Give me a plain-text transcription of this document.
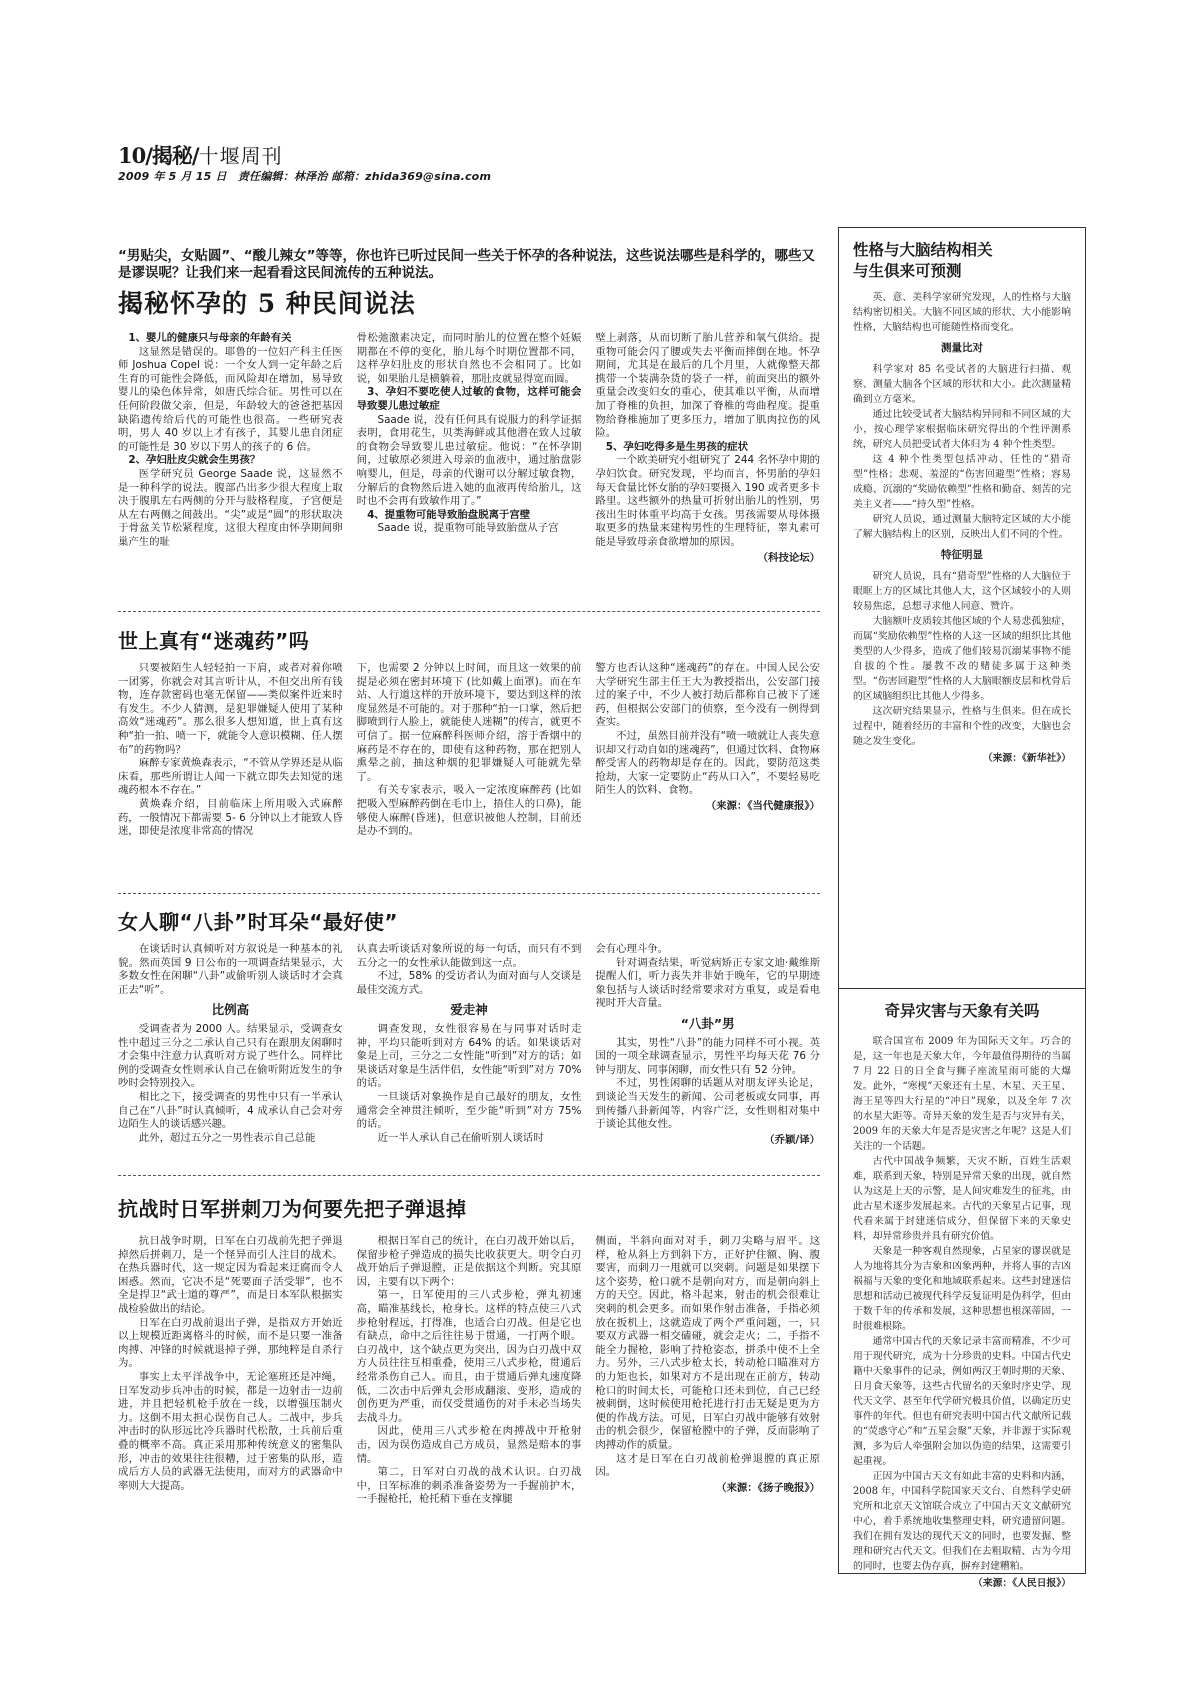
10/揭秘/十堰周刊
2009 年 5 月 15 日　责任编辑：林泽治 邮箱：zhida369@sina.com
“男贴尖，女贴圆”、“酸儿辣女”等等，你也许已听过民间一些关于怀孕的各种说法，这些说法哪些是科学的，哪些又是谬误呢？让我们来一起看看这民间流传的五种说法。
揭秘怀孕的 5 种民间说法

1、婴儿的健康只与母亲的年龄有关

这显然是错误的。耶鲁的一位妇产科主任医师 Joshua Copel 说：一个女人到一定年龄之后生育的可能性会降低，而风险却在增加，易导致婴儿的染色体异常，如唐氏综合征。男性可以在任何阶段做父亲，但是，年龄较大的爸爸把基因缺陷遗传给后代的可能性也很高。一些研究表明，男人 40 岁以上才有孩子，其婴儿患自闭症的可能性是 30 岁以下男人的孩子的 6 倍。

2、孕妇肚皮尖就会生男孩？

医学研究员 George Saade 说，这显然不是一种科学的说法。腹部凸出多少很大程度上取决于腹肌左右两侧的分开与肢格程度，子宫便是从左右两侧之间鼓出。“尖”或是“圆”的形状取决于骨盆关节松紧程度，这很大程度由怀孕期间卵巢产生的耻

骨松弛激素决定，而同时胎儿的位置在整个妊娠期都在不停的变化，胎儿每个时期位置都不同，这样孕妇肚皮的形状自然也不会相同了。比如说，如果胎儿是横躺着，那肚皮就显得宽而圆。

3、孕妇不要吃使人过敏的食物，这样可能会导致婴儿患过敏症

Saade 说，没有任何具有说服力的科学证据表明，食用花生，贝类海鲜或其他潜在致人过敏的食物会导致婴儿患过敏症。他说：“在怀孕期间，过敏原必须进入母亲的血液中，通过胎盘影响婴儿，但是，母亲的代谢可以分解过敏食物，分解后的食物然后进入她的血液再传给胎儿，这时也不会再有致敏作用了。”

4、提重物可能导致胎盘脱离于宫壁

Saade 说，提重物可能导致胎盘从子宫

壁上剥落，从而切断了胎儿营养和氧气供给。提重物可能会闪了腰或失去平衡而摔倒在地。怀孕期间，尤其是在最后的几个月里，人就像整天都携带一个装满杂货的袋子一样，前面突出的额外重量会改变妇女的重心，使其难以平衡，从而增加了脊椎的负担，加深了脊椎的弯曲程度。提重物给脊椎施加了更多压力，增加了肌肉拉伤的风险。

5、孕妇吃得多是生男孩的症状

一个欧美研究小组研究了 244 名怀孕中期的孕妇饮食。研究发现，平均而言，怀男胎的孕妇每天食量比怀女胎的孕妇要摄入 190 或者更多卡路里。这些额外的热量可折射出胎儿的性别，男孩出生时体重平均高于女孩。男孩需要从母体摄取更多的热量来建构男性的生理特征，睾丸素可能是导致母亲食欲增加的原因。

（科技论坛）
世上真有“迷魂药”吗

只要被陌生人轻轻拍一下肩，或者对着你喷一团雾，你就会对其言听计从，不但交出所有钱物，连存款密码也毫无保留——类似案件近来时有发生。不少人猜测，是犯罪嫌疑人使用了某种高效“迷魂药”。那么很多人想知道，世上真有这种“拍一拍、喷一下，就能令人意识模糊、任人摆布”的药物吗？

麻醉专家黄焕森表示，“不管从学界还是从临床看，那些所谓让人闻一下就立即失去知觉的迷魂药根本不存在。”

黄焕森介绍，目前临床上所用吸入式麻醉药，一般情况下都需要 5- 6 分钟以上才能致人昏迷，即使是浓度非常高的情况

下，也需要 2 分钟以上时间，而且这一效果的前提是必须在密封环境下 (比如戴上面罩)。而在车站、人行道这样的开放环境下，要达到这样的浓度显然是不可能的。对于那种“拍一口掌，然后把脚喷到行人脸上，就能使人迷糊”的传言，就更不可信了。据一位麻醉科医师介绍，溶于香烟中的麻药是不存在的，即使有这种药物，那在把别人熏晕之前，抽这种烟的犯罪嫌疑人可能就先晕了。

有关专家表示，吸入一定浓度麻醉药 (比如把吸入型麻醉药倒在毛巾上，捂住人的口鼻)，能够使人麻醉(昏迷)，但意识被他人控制，目前还是办不到的。

警方也否认这种“迷魂药”的存在。中国人民公安大学研究生部主任王大为教授指出，公安部门接过的案子中，不少人被打劫后都称自己被下了迷药，但根据公安部门的侦察，至今没有一例得到查实。

不过，虽然目前并没有“喷一喷就让人丧失意识却又行动自如的迷魂药”，但通过饮料、食物麻醉受害人的药物却是存在的。因此，要防范这类抢劫，大家一定要防止“药从口入”，不要轻易吃陌生人的饮料、食物。

（来源：《当代健康报》）
女人聊“八卦”时耳朵“最好使”

在谈话时认真倾听对方叙说是一种基本的礼貌。然而英国 9 日公布的一项调查结果显示，大多数女性在闲聊“八卦”或偷听别人谈话时才会真正去“听”。

比例高

受调查者为 2000 人。结果显示，受调查女性中超过三分之二承认自己只有在跟朋友闲聊时才会集中注意力认真听对方说了些什么。同样比例的受调查女性则承认自己在偷听附近发生的争吵时会特别投入。

相比之下，接受调查的男性中只有一半承认自己在“八卦”时认真倾听，4 成承认自己会对旁边陌生人的谈话感兴趣。

此外，超过五分之一男性表示自己总能

认真去听谈话对象所说的每一句话，而只有不到五分之一的女性承认能做到这一点。

不过，58% 的受访者认为面对面与人交谈是最佳交流方式。

爱走神

调查发现，女性很容易在与同事对话时走神，平均只能听到对方 64% 的话。如果谈话对象是上司，三分之二女性能“听到”对方的话；如果谈话对象是生活伴侣，女性能“听到”对方 70% 的话。

一旦谈话对象换作是自己最好的朋友，女性通常会全神贯注倾听，至少能“听到”对方 75% 的话。

近一半人承认自己在偷听别人谈话时

会有心理斗争。

针对调查结果，听觉病矫正专家文迪·戴维斯提醒人们，听力丧失并非始于晚年，它的早期迹象包括与人谈话时经常要求对方重复，或是看电视时开大音量。

“八卦”男

其实，男性“八卦”的能力同样不可小视。英国的一项全球调查显示，男性平均每天花 76 分钟与朋友、同事闲聊，而女性只有 52 分钟。

不过，男性闲聊的话题从对朋友评头论足，到谈论当天发生的新闻、公司老板或女同事，再到传播八卦新闻等，内容广泛，女性则相对集中于谈论其他女性。

（乔颖/译）
抗战时日军拼刺刀为何要先把子弹退掉

抗日战争时期，日军在白刃战前先把子弹退掉然后拼刺刀，是一个怪异而引人注目的战术。在热兵器时代，这一规定因为看起来迂腐而令人困惑。然而，它决不是“死要面子活受罪”，也不全是捍卫“武士道的尊严”，而是日本军队根据实战检验做出的结论。

日军在白刃战前退出子弹，是指双方开始近以上规模近距离格斗的时候，而不是只要一准备肉搏、冲锋的时候就退掉子弹，那纯粹是自杀行为。

事实上太平洋战争中，无论塞班还是冲绳，日军发动步兵冲击的时候，都是一边射击一边前进，并且把轻机枪手放在一线，以增强压制火力。这倒不用太担心误伤自己人。二战中，步兵冲击时的队形远比冷兵器时代松散，士兵前后重叠的概率不高。真正采用那种传统意义的密集队形，冲击的效果往往很糟，过于密集的队形，造成后方人员的武器无法使用，而对方的武器命中率则大大提高。

根据日军自己的统计，在白刃战开始以后，保留步枪子弹造成的损失比收获更大。明令白刃战开始后子弹退膛，正是依据这个判断。究其原因，主要有以下两个：

第一，日军使用的三八式步枪，弹丸初速高，瞄准基线长，枪身长。这样的特点使三八式步枪射程远，打得准，也适合白刃战。但是它也有缺点，命中之后往往易于贯通，一打两个眼。白刃战中，这个缺点更为突出，因为白刃战中双方人员往往互相重叠，使用三八式步枪，贯通后经常杀伤自己人。而且，由于贯通后弹丸速度降低，二次击中后弹丸会形成翻滚、变形，造成的创伤更为严重，而仅受贯通伤的对手未必当场失去战斗力。

因此，使用三八式步枪在肉搏战中开枪射击，因为误伤造成自己方成员，显然是赔本的事情。

第二，日军对白刃战的战术认识。白刃战中，日军标准的刺杀准备姿势为一手握前护木，一手握枪托，枪托稍下垂在支撑腿

侧面，半斜向面对对手，刺刀尖略与眉平。这样，枪从斜上方到斜下方，正好护住额、胸、腹要害，而刺刀一甩就可以突刺。问题是如果摆下这个姿势，枪口就不是朝向对方，而是朝向斜上方的天空。因此，格斗起来，射击的机会很难让突刺的机会更多。而如果作射击准备，手指必须放在扳机上，这就造成了两个严重问题，一，只要双方武器一相交磕碰，就会走火；二，手指不能全力握枪，影响了持枪姿态，拼杀中使不上全力。另外，三八式步枪太长，转动枪口瞄准对方的力矩也长，如果对方不是出现在正前方，转动枪口的时间太长，可能枪口还未到位，自己已经被刺倒，这时候使用枪托进行打击无疑是更为方便的作战方法。可见，日军白刃战中能够有效射击的机会很少，保留枪膛中的子弹，反而影响了肉搏动作的质量。

这才是日军在白刃战前枪弹退膛的真正原因。

（来源：《扬子晚报》）
性格与大脑结构相关
与生俱来可预测

英、意、美科学家研究发现，人的性格与大脑结构密切相关。大脑不同区域的形状、大小能影响性格，大脑结构也可能随性格而变化。

测量比对

科学家对 85 名受试者的大脑进行扫描、观察、测量大脑各个区域的形状和大小。此次测量精确到立方毫米。

通过比较受试者大脑结构异同和不同区域的大小，按心理学家根据临床研究得出的个性评测系统，研究人员把受试者大体归为 4 种个性类型。

这 4 种个性类型包括冲动、任性的“猎奇型”性格；悲观、羞涩的“伤害回避型”性格；容易成瘾、沉溺的“奖励依赖型”性格和勤奋、刻苦的完美主义者——“持久型”性格。

研究人员说，通过测量大脑特定区域的大小能了解大脑结构上的区别，反映出人们不同的个性。

特征明显

研究人员说，具有“猎奇型”性格的人大脑位于眼眶上方的区域比其他人大，这个区域较小的人则较易焦虑，总想寻求他人同意、赞许。

大脑额叶皮质较其他区域的个人易悲孤独症，而属“奖励依赖型”性格的人这一区域的组织比其他类型的人少得多，造成了他们较易沉溺某事物不能自拔的个性。屡教不改的赌徒多属于这种类型。“伤害回避型”性格的人大脑眼额皮层和枕骨后的区域脑组织比其他人少得多。

这次研究结果显示，性格与生俱来。但在成长过程中，随着经历的丰富和个性的改变，大脑也会随之发生变化。

（来源：《新华社》）
奇异灾害与天象有关吗

联合国宣布 2009 年为国际天文年。巧合的是，这一年也是天象大年，今年最值得期待的当属 7 月 22 日的日全食与狮子座流星雨可能的大爆发。此外，“寒枧”天象还有土星、木星、天王星、海王星等四大行星的“冲日”现象，以及全年 7 次的水星大距等。奇异天象的发生是否与灾异有关，2009 年的天象大年是否是灾害之年呢？这是人们关注的一个话题。

古代中国战争频繁，天灾不断，百姓生活艰难，联系到天象，特别是异常天象的出现，就自然认为这是上天的示警，是人间灾难发生的征兆，由此古星术逐步发展起来。古代的天象星占记事，现代看来属于封建迷信成分，但保留下来的天象史料，却异常珍贵并具有研究价值。

天象是一种客观自然现象，占星家的谬误就是人为地将其分为吉象和凶象两种，并将人事的吉凶祸福与天象的变化和地域联系起来。这些封建迷信思想和活动已被现代科学反复证明是伪科学，但由于数千年的传承和发展，这种思想也根深蒂固，一时很难根除。

通常中国古代的天象记录丰富而精准，不少可用于现代研究，成为十分珍贵的史料。中国古代史籍中天象事件的记录，例如两汉王朝时期的天象、日月食天象等，这些古代留名的天象时序史学、现代天文学、甚至年代学研究极具价值，以确定历史事件的年代。但也有研究表明中国古代文献所记载的“荧惑守心”和“五星会聚”天象，并非源于实际观测，多为后人牵强附会加以伪造的结果，这需要引起重视。

正因为中国古天文有如此丰富的史料和内涵，2008 年，中国科学院国家天文台、自然科学史研究所和北京天文馆联合成立了中国古天文文献研究中心，着手系统地收集整理史料，研究遗留问题。我们在拥有发达的现代天文的同时，也要发掘、整理和研究古代天文。但我们在去粗取精、古为今用的同时，也要去伪存真，摒弃封建糟粕。

（来源：《人民日报》）
